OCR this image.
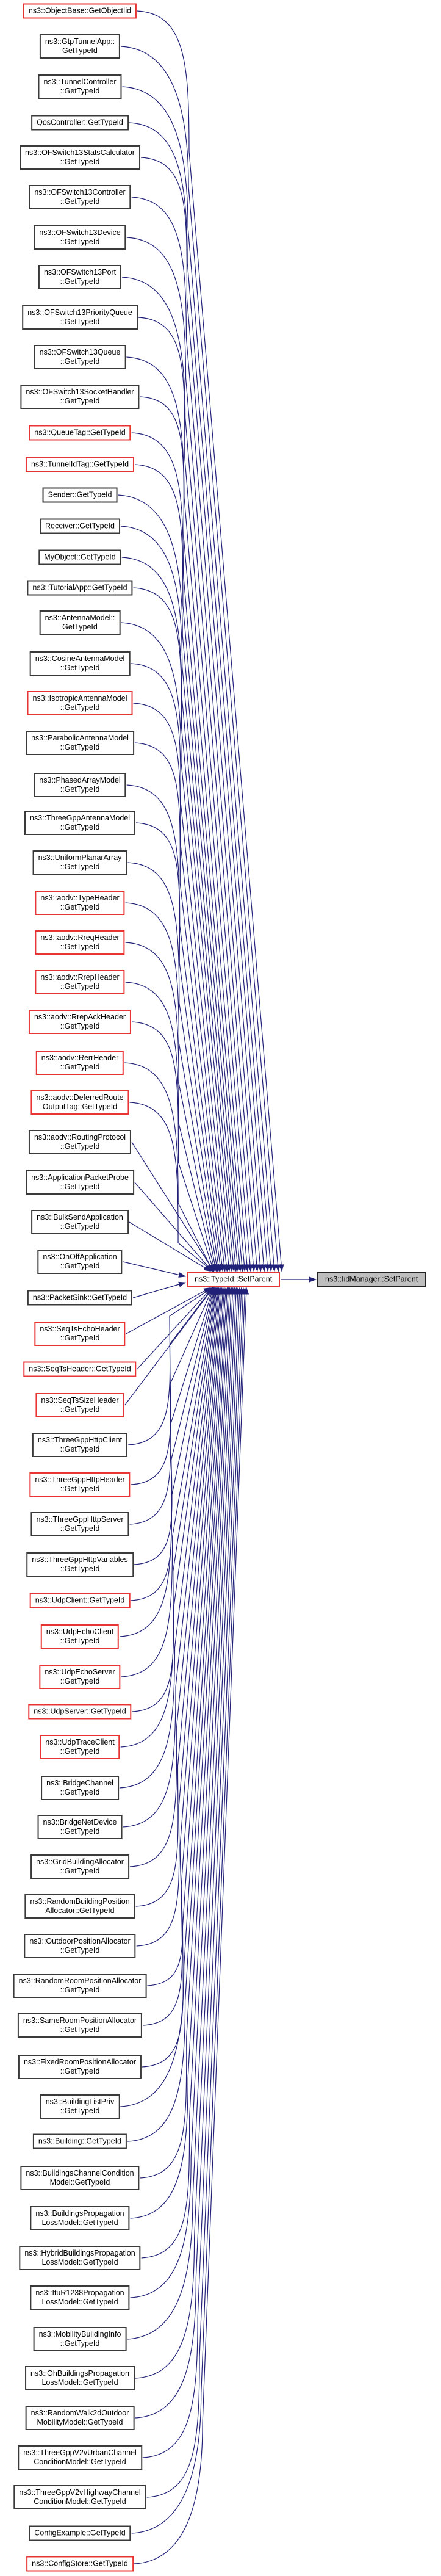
ns3::ObjectBase::GetObjectIid
ns3::GtpTunnelApp::
GetTypeId
ns3::TunnelController
::GetTypeId
QosController::GetTypeId
ns3::OFSwitch13StatsCalculator
::GetTypeId
ns3::OFSwitch13Controller
::GetTypeId
ns3::OFSwitch13Device
::GetTypeId
ns3::OFSwitch13Port
::GetTypeId
ns3::OFSwitch13PriorityQueue
::GetTypeId
ns3::OFSwitch13Queue
::GetTypeId
ns3::OFSwitch13SocketHandler
::GetTypeId
ns3::QueueTag::GetTypeId
ns3::TunnelIdTag::GetTypeId
Sender::GetTypeId
Receiver::GetTypeId
MyObject::GetTypeId
ns3::TutorialApp::GetTypeId
ns3::AntennaModel::
GetTypeId
ns3::CosineAntennaModel
::GetTypeId
ns3::IsotropicAntennaModel
::GetTypeId
ns3::ParabolicAntennaModel
::GetTypeId
ns3::PhasedArrayModel
::GetTypeId
ns3::ThreeGppAntennaModel
::GetTypeId
ns3::UniformPlanarArray
::GetTypeId
ns3::aodv::TypeHeader
::GetTypeId
ns3::aodv::RreqHeader
::GetTypeId
ns3::aodv::RrepHeader
::GetTypeId
ns3::aodv::RrepAckHeader
::GetTypeId
ns3::aodv::RerrHeader
::GetTypeId
ns3::aodv::DeferredRoute
OutputTag::GetTypeId
ns3::aodv::RoutingProtocol
::GetTypeId
ns3::ApplicationPacketProbe
::GetTypeId
ns3::BulkSendApplication
::GetTypeId
ns3::OnOffApplication
::GetTypeId
ns3::PacketSink::GetTypeId
ns3::SeqTsEchoHeader
::GetTypeId
ns3::SeqTsHeader::GetTypeId
ns3::SeqTsSizeHeader
::GetTypeId
ns3::ThreeGppHttpClient
::GetTypeId
ns3::ThreeGppHttpHeader
::GetTypeId
ns3::ThreeGppHttpServer
::GetTypeId
ns3::ThreeGppHttpVariables
::GetTypeId
ns3::UdpClient::GetTypeId
ns3::UdpEchoClient
::GetTypeId
ns3::UdpEchoServer
::GetTypeId
ns3::UdpServer::GetTypeId
ns3::UdpTraceClient
::GetTypeId
ns3::BridgeChannel
::GetTypeId
ns3::BridgeNetDevice
::GetTypeId
ns3::GridBuildingAllocator
::GetTypeId
ns3::RandomBuildingPosition
Allocator::GetTypeId
ns3::OutdoorPositionAllocator
::GetTypeId
ns3::RandomRoomPositionAllocator
::GetTypeId
ns3::SameRoomPositionAllocator
::GetTypeId
ns3::FixedRoomPositionAllocator
::GetTypeId
ns3::BuildingListPriv
::GetTypeId
ns3::Building::GetTypeId
ns3::BuildingsChannelCondition
Model::GetTypeId
ns3::BuildingsPropagation
LossModel::GetTypeId
ns3::HybridBuildingsPropagation
LossModel::GetTypeId
ns3::ItuR1238Propagation
LossModel::GetTypeId
ns3::MobilityBuildingInfo
::GetTypeId
ns3::OhBuildingsPropagation
LossModel::GetTypeId
ns3::RandomWalk2dOutdoor
MobilityModel::GetTypeId
ns3::ThreeGppV2vUrbanChannel
ConditionModel::GetTypeId
ns3::ThreeGppV2vHighwayChannel
ConditionModel::GetTypeId
ConfigExample::GetTypeId
ns3::ConfigStore::GetTypeId
ns3::TypeId::SetParent	ns3::IidManager::SetParent
